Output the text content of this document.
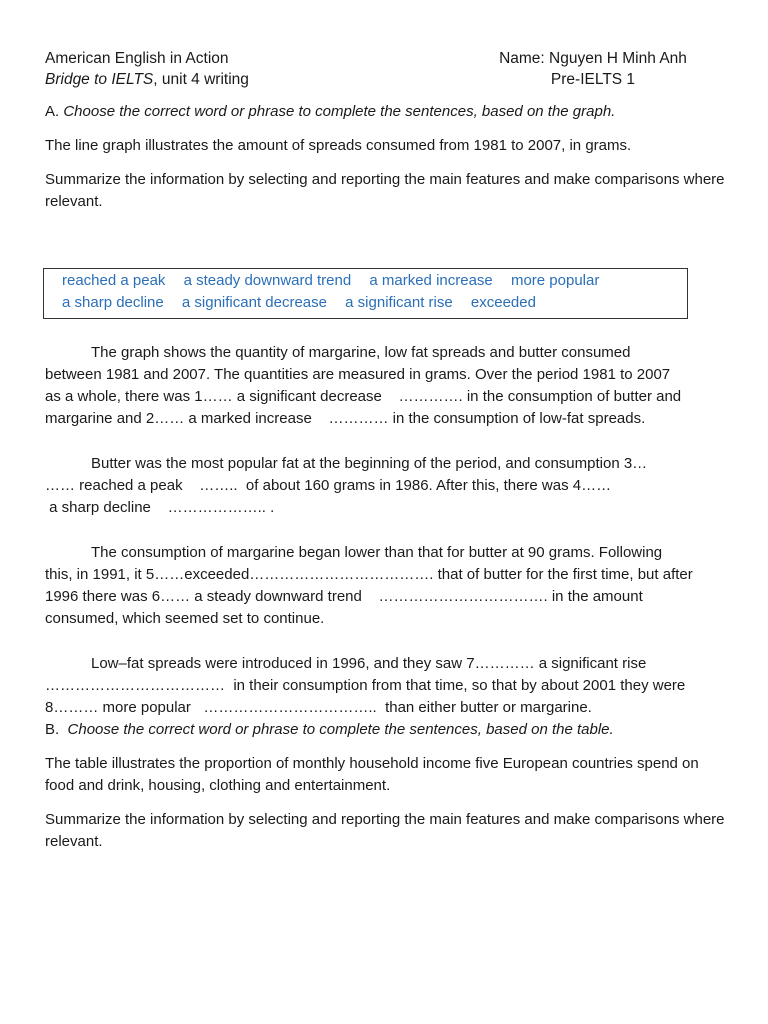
American English in Action
Bridge to IELTS, unit 4 writing
Name: Nguyen H Minh Anh
Pre-IELTS 1

A. Choose the correct word or phrase to complete the sentences, based on the graph.

The line graph illustrates the amount of spreads consumed from 1981 to 2007, in grams.

Summarize the information by selecting and reporting the main features and make comparisons where relevant.

reached a peak a steady downward trend a marked increase more popular
a sharp decline a significant decrease a significant rise exceeded
The graph shows the quantity of margarine, low fat spreads and butter consumed
between 1981 and 2007. The quantities are measured in grams. Over the period 1981 to 2007
as a whole, there was 1…… a significant decrease    …………. in the consumption of butter and
margarine and 2…… a marked increase    ………… in the consumption of low-fat spreads.
Butter was the most popular fat at the beginning of the period, and consumption 3…
…… reached a peak    ……..  of about 160 grams in 1986. After this, there was 4……
a sharp decline    ……………….. .
The consumption of margarine began lower than that for butter at 90 grams. Following
this, in 1991, it 5……exceeded………………………………. that of butter for the first time, but after
1996 there was 6…… a steady downward trend    ……………………………. in the amount
consumed, which seemed set to continue.
Low–fat spreads were introduced in 1996, and they saw 7………… a significant rise
………………………………  in their consumption from that time, so that by about 2001 they were
8……… more popular   ……………………………..  than either butter or margarine.

B.  Choose the correct word or phrase to complete the sentences, based on the table.

The table illustrates the proportion of monthly household income five European countries spend on food and drink, housing, clothing and entertainment.

Summarize the information by selecting and reporting the main features and make comparisons where relevant.
